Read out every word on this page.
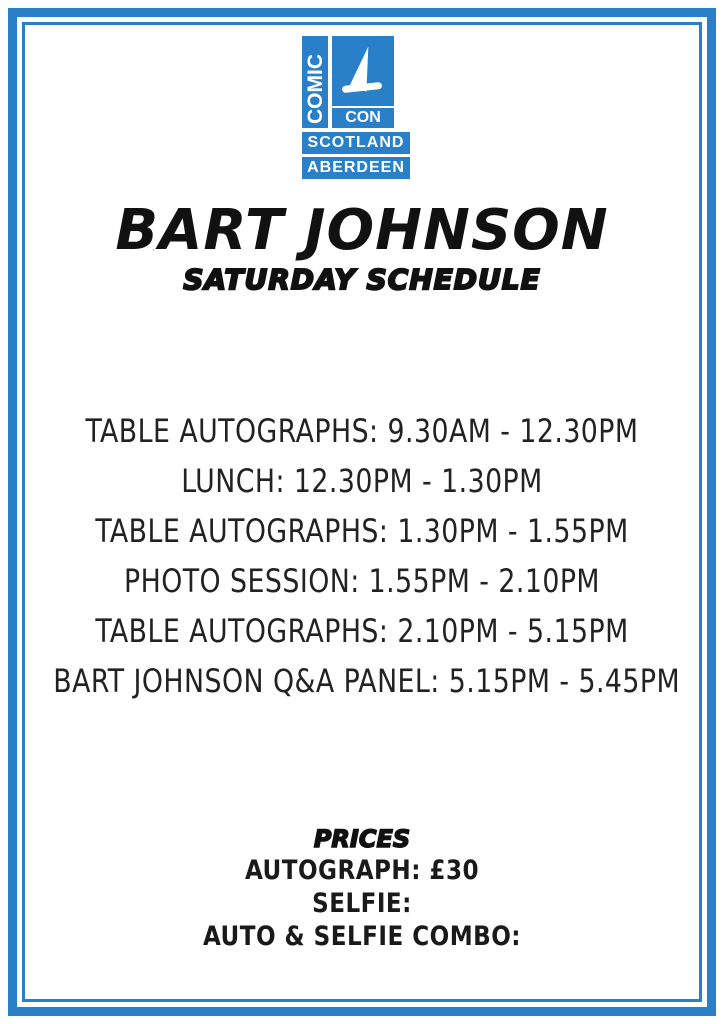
COMIC	CON
SCOTLAND
ABERDEEN
BART JOHNSON
SATURDAY SCHEDULE
TABLE AUTOGRAPHS: 9.30AM - 12.30PM
LUNCH: 12.30PM - 1.30PM
TABLE AUTOGRAPHS: 1.30PM - 1.55PM
PHOTO SESSION: 1.55PM - 2.10PM
TABLE AUTOGRAPHS: 2.10PM - 5.15PM
BART JOHNSON Q&A PANEL: 5.15PM - 5.45PM
PRICES
AUTOGRAPH: £30
SELFIE:
AUTO & SELFIE COMBO:
